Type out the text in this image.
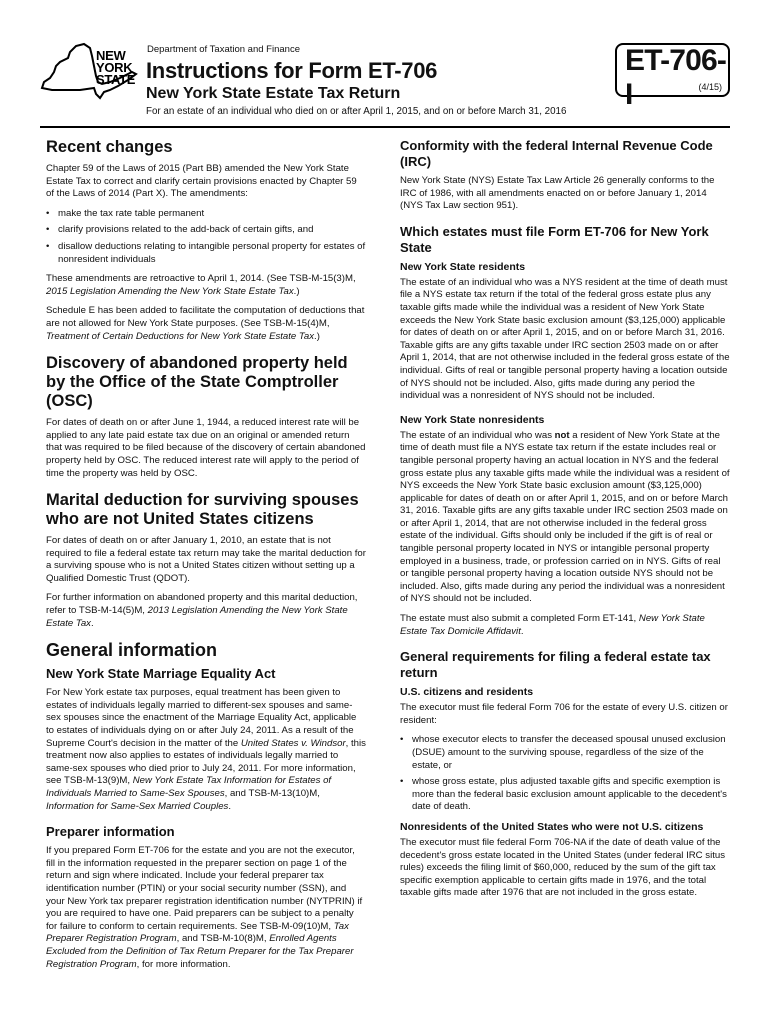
NEW
YORK
STATE
Department of Taxation and Finance
Instructions for Form ET-706
New York State Estate Tax Return
For an estate of an individual who died on or after April 1, 2015, and on or before March 31, 2016
ET-706-I	(4/15)
Recent changes

Chapter 59 of the Laws of 2015 (Part BB) amended the New York State Estate Tax to correct and clarify certain provisions enacted by Chapter 59 of the Laws of 2014 (Part X). The amendments:

• make the tax rate table permanent
• clarify provisions related to the add-back of certain gifts, and
• disallow deductions relating to intangible personal property for estates of nonresident individuals

These amendments are retroactive to April 1, 2014. (See TSB-M-15(3)M, 2015 Legislation Amending the New York State Estate Tax.)

Schedule E has been added to facilitate the computation of deductions that are not allowed for New York State purposes. (See TSB-M-15(4)M, Treatment of Certain Deductions for New York State Estate Tax.)

Discovery of abandoned property held by the Office of the State Comptroller (OSC)

For dates of death on or after June 1, 1944, a reduced interest rate will be applied to any late paid estate tax due on an original or amended return that was required to be filed because of the discovery of certain abandoned property held by OSC. The reduced interest rate will apply to the period of time the property was held by OSC.

Marital deduction for surviving spouses who are not United States citizens

For dates of death on or after January 1, 2010, an estate that is not required to file a federal estate tax return may take the marital deduction for a surviving spouse who is not a United States citizen without setting up a Qualified Domestic Trust (QDOT).

For further information on abandoned property and this marital deduction, refer to TSB-M-14(5)M, 2013 Legislation Amending the New York State Estate Tax.

General information
New York State Marriage Equality Act

For New York estate tax purposes, equal treatment has been given to estates of individuals legally married to different-sex spouses and same-sex spouses since the enactment of the Marriage Equality Act, applicable to estates of individuals dying on or after July 24, 2011. As a result of the Supreme Court's decision in the matter of the United States v. Windsor, this treatment now also applies to estates of individuals legally married to same-sex spouses who died prior to July 24, 2011. For more information, see TSB-M-13(9)M, New York Estate Tax Information for Estates of Individuals Married to Same-Sex Spouses, and TSB-M-13(10)M, Information for Same-Sex Married Couples.

Preparer information

If you prepared Form ET-706 for the estate and you are not the executor, fill in the information requested in the preparer section on page 1 of the return and sign where indicated. Include your federal preparer tax identification number (PTIN) or your social security number (SSN), and your New York tax preparer registration identification number (NYTPRIN) if you are required to have one. Paid preparers can be subject to a penalty for failure to conform to certain requirements. See TSB-M-09(10)M, Tax Preparer Registration Program, and TSB-M-10(8)M, Enrolled Agents Excluded from the Definition of Tax Return Preparer for the Tax Preparer Registration Program, for more information.

Conformity with the federal Internal Revenue Code (IRC)

New York State (NYS) Estate Tax Law Article 26 generally conforms to the IRC of 1986, with all amendments enacted on or before January 1, 2014 (NYS Tax Law section 951).

Which estates must file Form ET-706 for New York State
New York State residents

The estate of an individual who was a NYS resident at the time of death must file a NYS estate tax return if the total of the federal gross estate plus any taxable gifts made while the individual was a resident of New York State exceeds the New York State basic exclusion amount ($3,125,000) applicable for dates of death on or after April 1, 2015, and on or before March 31, 2016. Taxable gifts are any gifts taxable under IRC section 2503 made on or after April 1, 2014, that are not otherwise included in the federal gross estate of the individual. Gifts of real or tangible personal property having a location outside of NYS should not be included. Also, gifts made during any period the individual was a nonresident of NYS should not be included.

New York State nonresidents

The estate of an individual who was not a resident of New York State at the time of death must file a NYS estate tax return if the estate includes real or tangible personal property having an actual location in NYS and the federal gross estate plus any taxable gifts made while the individual was a resident of NYS exceeds the New York State basic exclusion amount ($3,125,000) applicable for dates of death on or after April 1, 2015, and on or before March 31, 2016. Taxable gifts are any gifts taxable under IRC section 2503 made on or after April 1, 2014, that are not otherwise included in the federal gross estate of the individual. Gifts should only be included if the gift is of real or tangible personal property located in NYS or intangible personal property employed in a business, trade, or profession carried on in NYS. Gifts of real or tangible personal property having a location outside NYS should not be included. Also, gifts made during any period the individual was a nonresident of NYS should not be included.

The estate must also submit a completed Form ET-141, New York State Estate Tax Domicile Affidavit.

General requirements for filing a federal estate tax return
U.S. citizens and residents

The executor must file federal Form 706 for the estate of every U.S. citizen or resident:

• whose executor elects to transfer the deceased spousal unused exclusion (DSUE) amount to the surviving spouse, regardless of the size of the estate, or
• whose gross estate, plus adjusted taxable gifts and specific exemption is more than the federal basic exclusion amount applicable to the decedent's date of death.
Nonresidents of the United States who were not U.S. citizens

The executor must file federal Form 706-NA if the date of death value of the decedent's gross estate located in the United States (under federal IRC situs rules) exceeds the filing limit of $60,000, reduced by the sum of the gift tax specific exemption applicable to certain gifts made in 1976, and the total taxable gifts made after 1976 that are not included in the gross estate.
